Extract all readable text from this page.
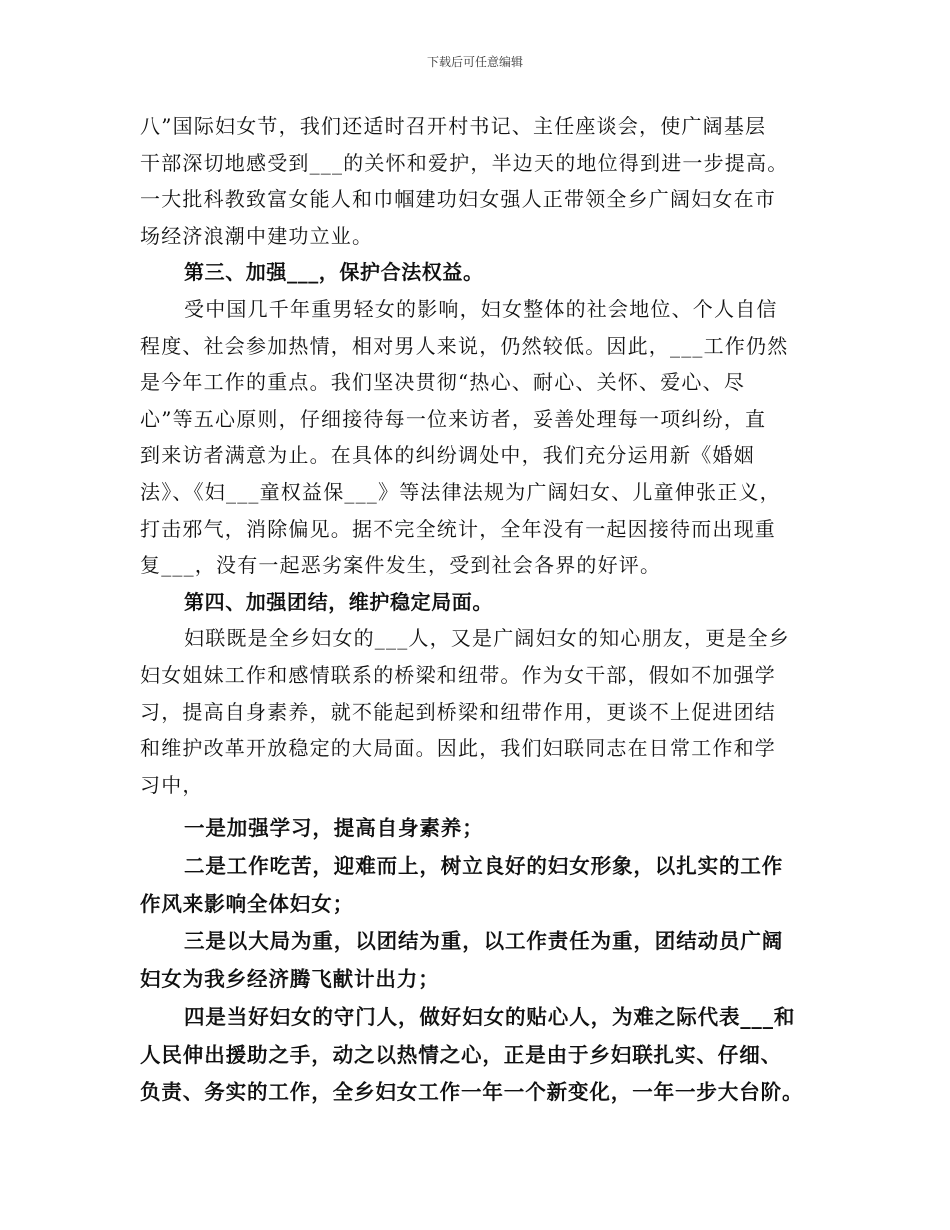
下载后可任意编辑
八”国际妇女节，我们还适时召开村书记、主任座谈会，使广阔基层
干部深切地感受到___的关怀和爱护，半边天的地位得到进一步提高。
一大批科教致富女能人和巾帼建功妇女强人正带领全乡广阔妇女在市
场经济浪潮中建功立业。
第三、加强___，保护合法权益。
受中国几千年重男轻女的影响，妇女整体的社会地位、个人自信
程度、社会参加热情，相对男人来说，仍然较低。因此，___工作仍然
是今年工作的重点。我们坚决贯彻“热心、耐心、关怀、爱心、尽
心”等五心原则，仔细接待每一位来访者，妥善处理每一项纠纷，直
到来访者满意为止。在具体的纠纷调处中，我们充分运用新《婚姻
法》、《妇___童权益保___》等法律法规为广阔妇女、儿童伸张正义，
打击邪气，消除偏见。据不完全统计，全年没有一起因接待而出现重
复___，没有一起恶劣案件发生，受到社会各界的好评。
第四、加强团结，维护稳定局面。
妇联既是全乡妇女的___人，又是广阔妇女的知心朋友，更是全乡
妇女姐妹工作和感情联系的桥梁和纽带。作为女干部，假如不加强学
习，提高自身素养，就不能起到桥梁和纽带作用，更谈不上促进团结
和维护改革开放稳定的大局面。因此，我们妇联同志在日常工作和学
习中，
一是加强学习，提高自身素养；
二是工作吃苦，迎难而上，树立良好的妇女形象，以扎实的工作
作风来影响全体妇女；
三是以大局为重，以团结为重，以工作责任为重，团结动员广阔
妇女为我乡经济腾飞献计出力；
四是当好妇女的守门人，做好妇女的贴心人，为难之际代表___和
人民伸出援助之手，动之以热情之心，正是由于乡妇联扎实、仔细、
负责、务实的工作，全乡妇女工作一年一个新变化，一年一步大台阶。
